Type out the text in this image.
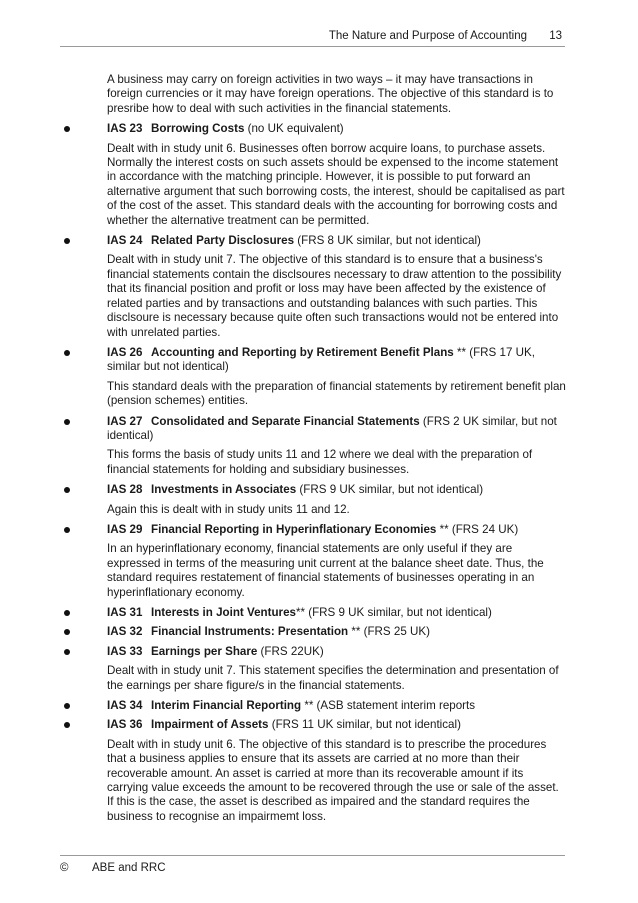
The Nature and Purpose of Accounting 13

A business may carry on foreign activities in two ways – it may have transactions in foreign currencies or it may have foreign operations. The objective of this standard is to presribe how to deal with such activities in the financial statements.

IAS 23 Borrowing Costs (no UK equivalent)

Dealt with in study unit 6. Businesses often borrow acquire loans, to purchase assets. Normally the interest costs on such assets should be expensed to the income statement in accordance with the matching principle. However, it is possible to put forward an alternative argument that such borrowing costs, the interest, should be capitalised as part of the cost of the asset. This standard deals with the accounting for borrowing costs and whether the alternative treatment can be permitted.

IAS 24 Related Party Disclosures (FRS 8 UK similar, but not identical)

Dealt with in study unit 7. The objective of this standard is to ensure that a business's financial statements contain the disclsoures necessary to draw attention to the possibility that its financial position and profit or loss may have been affected by the existence of related parties and by transactions and outstanding balances with such parties. This disclsoure is necessary because quite often such transactions would not be entered into with unrelated parties.

IAS 26 Accounting and Reporting by Retirement Benefit Plans ** (FRS 17 UK, similar but not identical)

This standard deals with the preparation of financial statements by retirement benefit plan (pension schemes) entities.

IAS 27 Consolidated and Separate Financial Statements (FRS 2 UK similar, but not identical)

This forms the basis of study units 11 and 12 where we deal with the preparation of financial statements for holding and subsidiary businesses.

IAS 28 Investments in Associates (FRS 9 UK similar, but not identical)

Again this is dealt with in study units 11 and 12.

IAS 29 Financial Reporting in Hyperinflationary Economies ** (FRS 24 UK)

In an hyperinflationary economy, financial statements are only useful if they are expressed in terms of the measuring unit current at the balance sheet date. Thus, the standard requires restatement of financial statements of businesses operating in an hyperinflationary economy.

IAS 31 Interests in Joint Ventures** (FRS 9 UK similar, but not identical)
IAS 32 Financial Instruments: Presentation ** (FRS 25 UK)
IAS 33 Earnings per Share (FRS 22UK)

Dealt with in study unit 7. This statement specifies the determination and presentation of the earnings per share figure/s in the financial statements.

IAS 34 Interim Financial Reporting ** (ASB statement interim reports
IAS 36 Impairment of Assets (FRS 11 UK similar, but not identical)

Dealt with in study unit 6. The objective of this standard is to prescribe the procedures that a business applies to ensure that its assets are carried at no more than their recoverable amount. An asset is carried at more than its recoverable amount if its carrying value exceeds the amount to be recovered through the use or sale of the asset. If this is the case, the asset is described as impaired and the standard requires the business to recognise an impairmemt loss.

© ABE and RRC
